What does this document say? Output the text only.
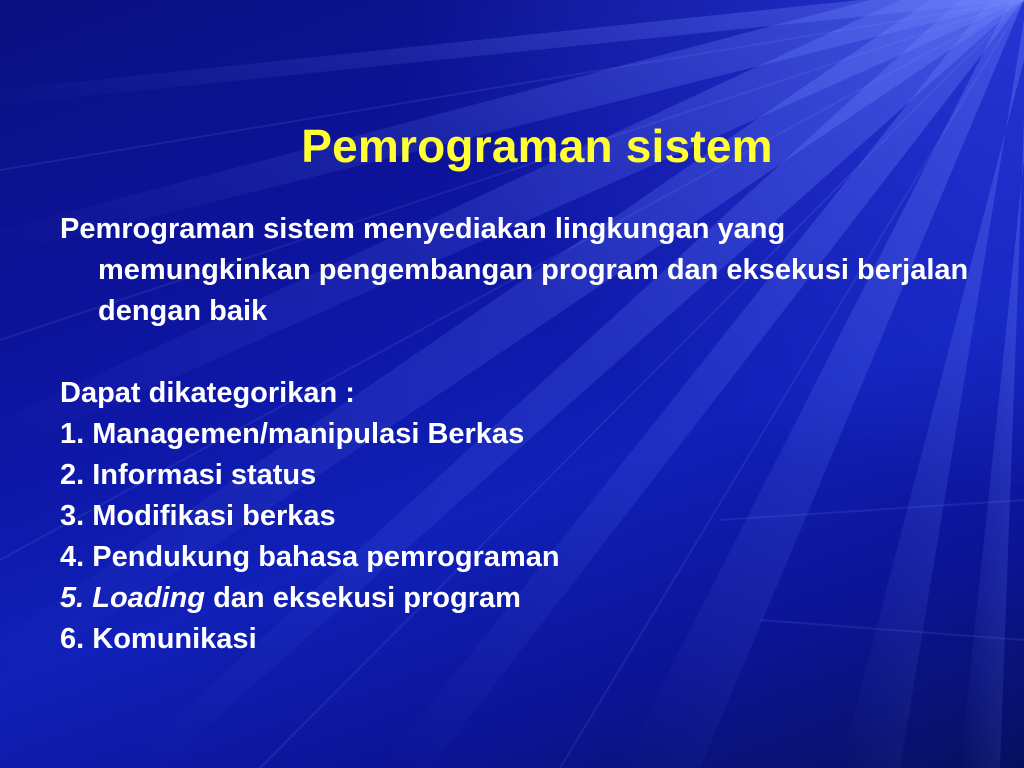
Pemrograman sistem

Pemrograman sistem menyediakan lingkungan yang memungkinkan pengembangan program dan eksekusi berjalan dengan baik

Dapat dikategorikan :

1. Managemen/manipulasi Berkas

2. Informasi status

3. Modifikasi berkas

4. Pendukung bahasa pemrograman

5. Loading dan eksekusi program

6. Komunikasi
